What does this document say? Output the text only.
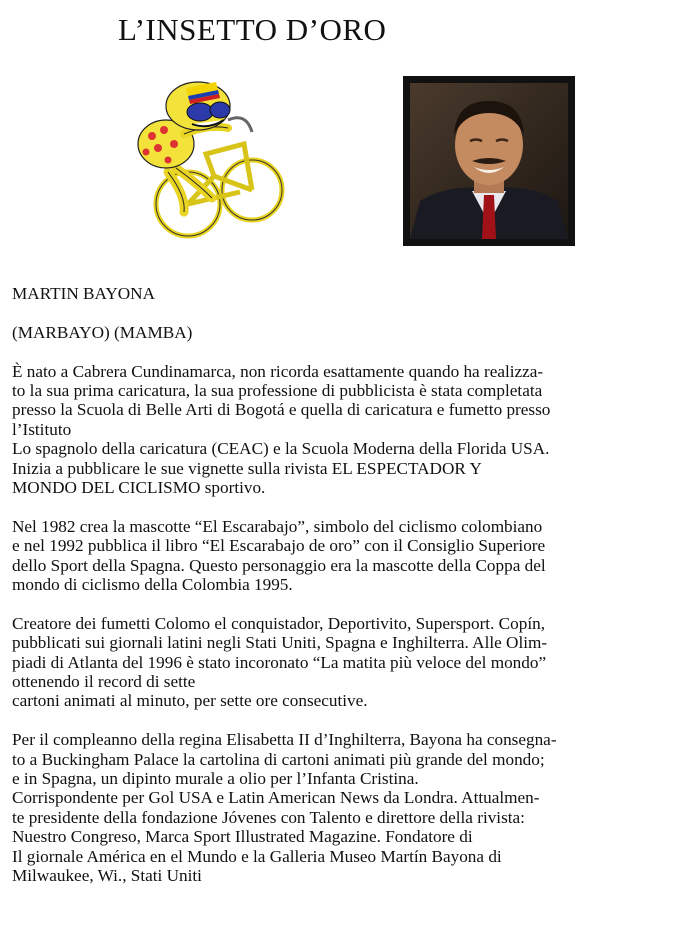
L’INSETTO D’ORO

MARTIN BAYONA

(MARBAYO) (MAMBA)

È nato a Cabrera Cundinamarca, non ricorda esattamente quando ha realizza-

to la sua prima caricatura, la sua professione di pubblicista è stata completata

presso la Scuola di Belle Arti di Bogotá e quella di caricatura e fumetto presso

l’Istituto

Lo spagnolo della caricatura (CEAC) e la Scuola Moderna della Florida USA.

Inizia a pubblicare le sue vignette sulla rivista EL ESPECTADOR Y

MONDO DEL CICLISMO sportivo.

Nel 1982 crea la mascotte “El Escarabajo”, simbolo del ciclismo colombiano

e nel 1992 pubblica il libro “El Escarabajo de oro” con il Consiglio Superiore

dello Sport della Spagna. Questo personaggio era la mascotte della Coppa del

mondo di ciclismo della Colombia 1995.

Creatore dei fumetti Colomo el conquistador, Deportivito, Supersport. Copín,

pubblicati sui giornali latini negli Stati Uniti, Spagna e Inghilterra. Alle Olim-

piadi di Atlanta del 1996 è stato incoronato “La matita più veloce del mondo”

ottenendo il record di sette

cartoni animati al minuto, per sette ore consecutive.

Per il compleanno della regina Elisabetta II d’Inghilterra, Bayona ha consegna-

to a Buckingham Palace la cartolina di cartoni animati più grande del mondo;

e in Spagna, un dipinto murale a olio per l’Infanta Cristina.

Corrispondente per Gol USA e Latin American News da Londra. Attualmen-

te presidente della fondazione Jóvenes con Talento e direttore della rivista:

Nuestro Congreso, Marca Sport Illustrated Magazine. Fondatore di

Il giornale América en el Mundo e la Galleria Museo Martín Bayona di

Milwaukee, Wi., Stati Uniti
